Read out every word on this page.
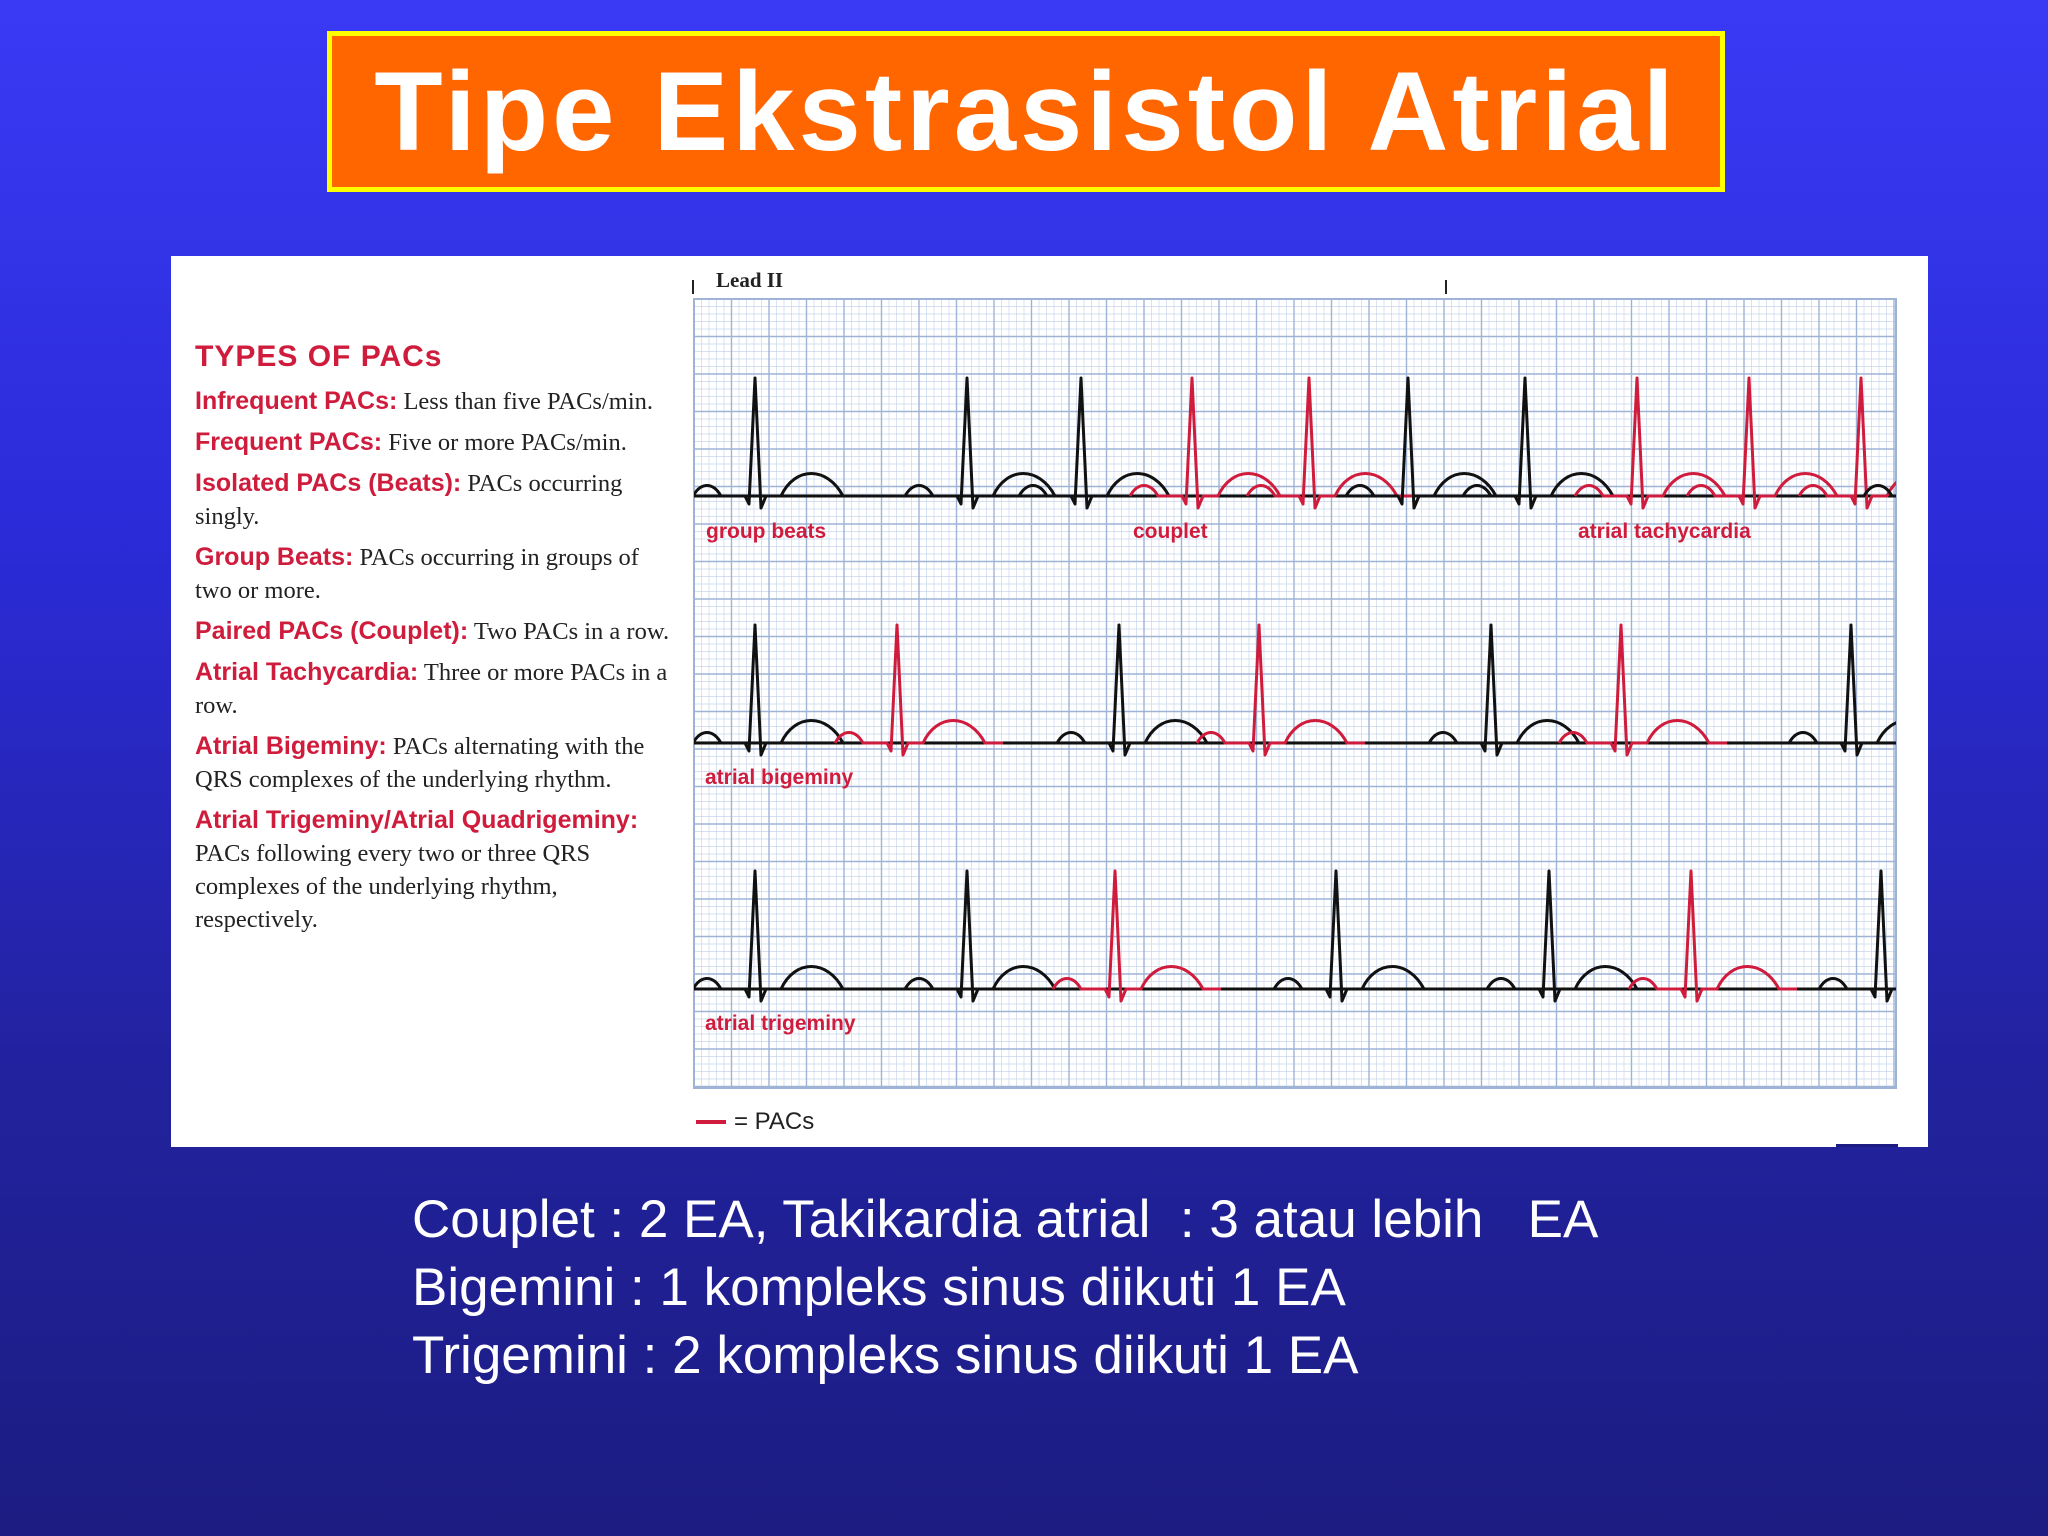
Tipe Ekstrasistol Atrial
TYPES OF PACs

Infrequent PACs: Less than five PACs/min.

Frequent PACs: Five or more PACs/min.

Isolated PACs (Beats): PACs occurring singly.

Group Beats: PACs occurring in groups of two or more.

Paired PACs (Couplet): Two PACs in a row.

Atrial Tachycardia: Three or more PACs in a row.

Atrial Bigeminy: PACs alternating with the QRS complexes of the underlying rhythm.

Atrial Trigeminy/Atrial Quadrigeminy: PACs following every two or three QRS complexes of the underlying rhythm, respectively.

Lead II
group beats	couplet	atrial tachycardia
atrial bigeminy
atrial trigeminy
= PACs
Couplet : 2 EA, Takikardia atrial  : 3 atau lebih   EA
Bigemini : 1 kompleks sinus diikuti 1 EA
Trigemini : 2 kompleks sinus diikuti 1 EA
